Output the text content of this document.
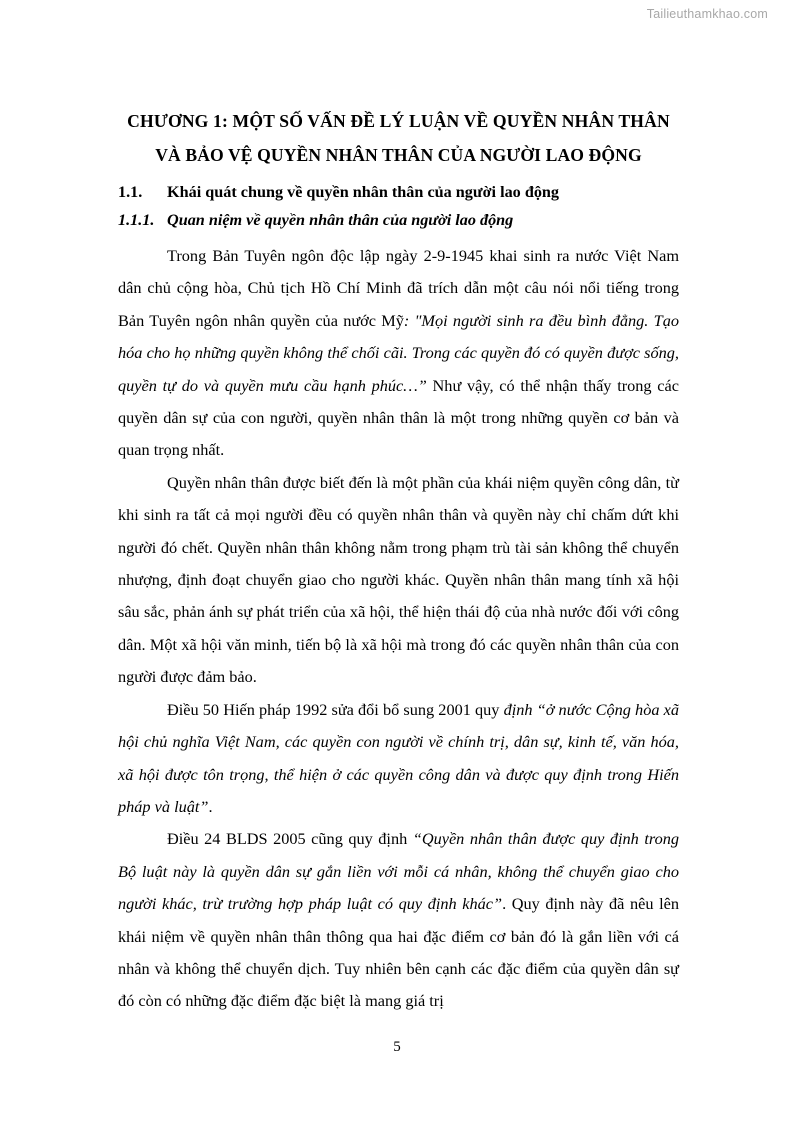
Tailieuthamkhao.com
CHƯƠNG 1: MỘT SỐ VẤN ĐỀ LÝ LUẬN VỀ QUYỀN NHÂN THÂN
VÀ BẢO VỆ QUYỀN NHÂN THÂN CỦA NGƯỜI LAO ĐỘNG
1.1. Khái quát chung về quyền nhân thân của người lao động
1.1.1. Quan niệm về quyền nhân thân của người lao động

Trong Bản Tuyên ngôn độc lập ngày 2-9-1945 khai sinh ra nước Việt Nam dân chủ cộng hòa, Chủ tịch Hồ Chí Minh đã trích dẫn một câu nói nổi tiếng trong Bản Tuyên ngôn nhân quyền của nước Mỹ: "Mọi người sinh ra đều bình đẳng. Tạo hóa cho họ những quyền không thể chối cãi. Trong các quyền đó có quyền được sống, quyền tự do và quyền mưu cầu hạnh phúc…” Như vậy, có thể nhận thấy trong các quyền dân sự của con người, quyền nhân thân là một trong những quyền cơ bản và quan trọng nhất.

Quyền nhân thân được biết đến là một phần của khái niệm quyền công dân, từ khi sinh ra tất cả mọi người đều có quyền nhân thân và quyền này chỉ chấm dứt khi người đó chết. Quyền nhân thân không nằm trong phạm trù tài sản không thể chuyển nhượng, định đoạt chuyển giao cho người khác. Quyền nhân thân mang tính xã hội sâu sắc, phản ánh sự phát triển của xã hội, thể hiện thái độ của nhà nước đối với công dân. Một xã hội văn minh, tiến bộ là xã hội mà trong đó các quyền nhân thân của con người được đảm bảo.

Điều 50 Hiến pháp 1992 sửa đổi bổ sung 2001 quy định “ở nước Cộng hòa xã hội chủ nghĩa Việt Nam, các quyền con người về chính trị, dân sự, kinh tế, văn hóa, xã hội được tôn trọng, thể hiện ở các quyền công dân và được quy định trong Hiến pháp và luật”.

Điều 24 BLDS 2005 cũng quy định “Quyền nhân thân được quy định trong Bộ luật này là quyền dân sự gắn liền với mỗi cá nhân, không thể chuyển giao cho người khác, trừ trường hợp pháp luật có quy định khác”. Quy định này đã nêu lên khái niệm về quyền nhân thân thông qua hai đặc điểm cơ bản đó là gắn liền với cá nhân và không thể chuyển dịch. Tuy nhiên bên cạnh các đặc điểm của quyền dân sự đó còn có những đặc điểm đặc biệt là mang giá trị

5
